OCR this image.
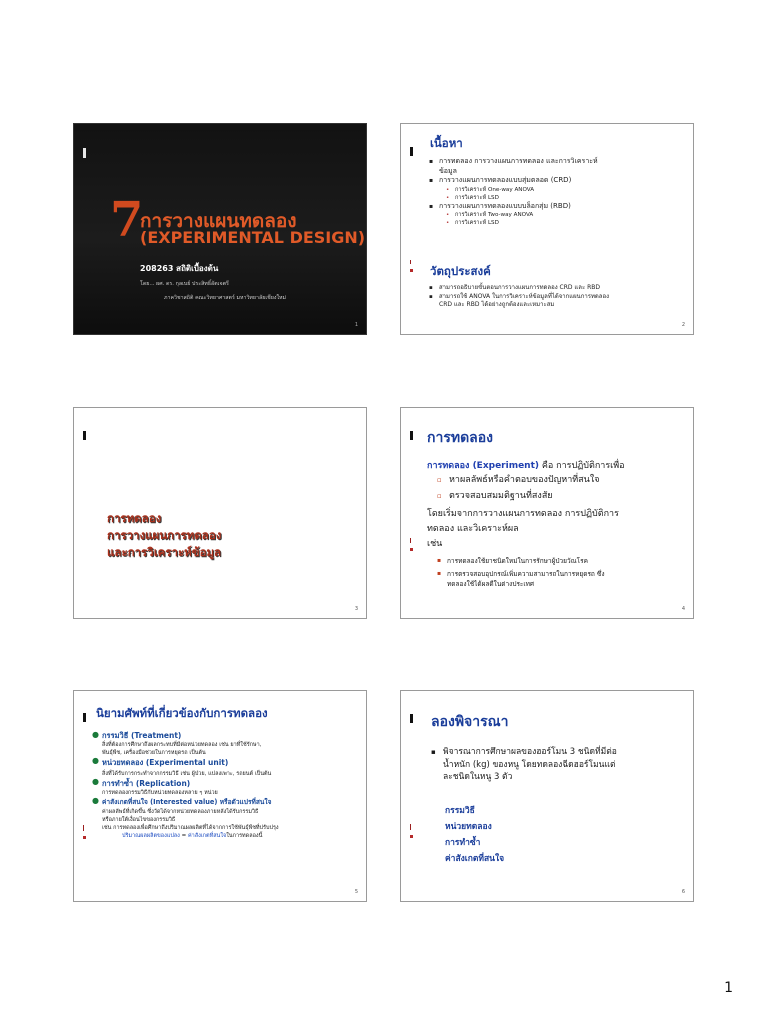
7
การวางแผนทดลอง
(EXPERIMENTAL DESIGN)
208263 สถิติเบื้องต้น
โดย... ผศ. ดร. กุลเบย์ ประสิทธิ์อัตเจตรี
ภาควิชาสถิติ คณะวิทยาศาสตร์ มหาวิทยาลัยเชียงใหม่
1
เนื้อหา
▪ การทดลอง การวางแผนการทดลอง และการวิเคราะห์
ข้อมูล
▪ การวางแผนการทดลองแบบสุ่มตลอด (CRD)
• การวิเคราะห์ One-way ANOVA
• การวิเคราะห์ LSD
▪ การวางแผนการทดลองแบบบล็อกสุ่ม (RBD)
• การวิเคราะห์ Two-way ANOVA
• การวิเคราะห์ LSD
วัตถุประสงค์
▪ สามารถอธิบายขั้นตอนการวางแผนการทดลอง CRD และ RBD
▪ สามารถใช้ ANOVA ในการวิเคราะห์ข้อมูลที่ได้จากแผนการทดลอง
CRD และ RBD ได้อย่างถูกต้องและเหมาะสม
2
การทดลอง
การวางแผนการทดลอง
และการวิเคราะห์ข้อมูล
3
การทดลอง
การทดลอง (Experiment) คือ การปฏิบัติการเพื่อ
▫ หาผลลัพธ์หรือคำตอบของปัญหาที่สนใจ
▫ ตรวจสอบสมมติฐานที่สงสัย
โดยเริ่มจากการวางแผนการทดลอง การปฏิบัติการ
ทดลอง และวิเคราะห์ผล
เช่น
▪ การทดลองใช้ยาชนิดใหม่ในการรักษาผู้ป่วยวัณโรค
▪ การตรวจสอบอุปกรณ์เพิ่มความสามารถในการหยุดรถ ซึ่ง
ทดลองใช้ได้ผลดีในต่างประเทศ
4
นิยามศัพท์ที่เกี่ยวข้องกับการทดลอง
● กรรมวิธี (Treatment)
สิ่งที่ต้องการศึกษาถึงผลกระทบที่มีต่อหน่วยทดลอง เช่น ยาที่ใช้รักษา,
พันธุ์พืช, เครื่องมือช่วยในการหยุดรถ เป็นต้น
● หน่วยทดลอง (Experimental unit)
สิ่งที่ได้รับการกระทำจากกรรมวิธี เช่น ผู้ป่วย, แปลงเพาะ, รถยนต์ เป็นต้น
● การทำซ้ำ (Replication)
การทดลองกรรมวิธีกับหน่วยทดลองหลาย ๆ หน่วย
● ค่าสังเกตที่สนใจ (Interested value) หรือตัวแปรที่สนใจ
ค่าผลลัพธ์ที่เกิดขึ้น ซึ่งวัดได้จากหน่วยทดลองภายหลังได้รับกรรมวิธี
หรือภายใต้เงื่อนไขของกรรมวิธี
เช่น การทดลองเพื่อศึกษาถึงปริมาณผลผลิตที่ได้จากการใช้พันธุ์พืชที่ปรับปรุง
ปริมาณผลผลิตของแปลง = ค่าสังเกตที่สนใจในการทดลองนี้
5
ลองพิจารณา
▪ พิจารณาการศึกษาผลของฮอร์โมน 3 ชนิดที่มีต่อ
น้ำหนัก (kg) ของหนู โดยทดลองฉีดฮอร์โมนแต่
ละชนิดในหนู 3 ตัว
กรรมวิธี
หน่วยทดลอง
การทำซ้ำ
ค่าสังเกตที่สนใจ
6
1
